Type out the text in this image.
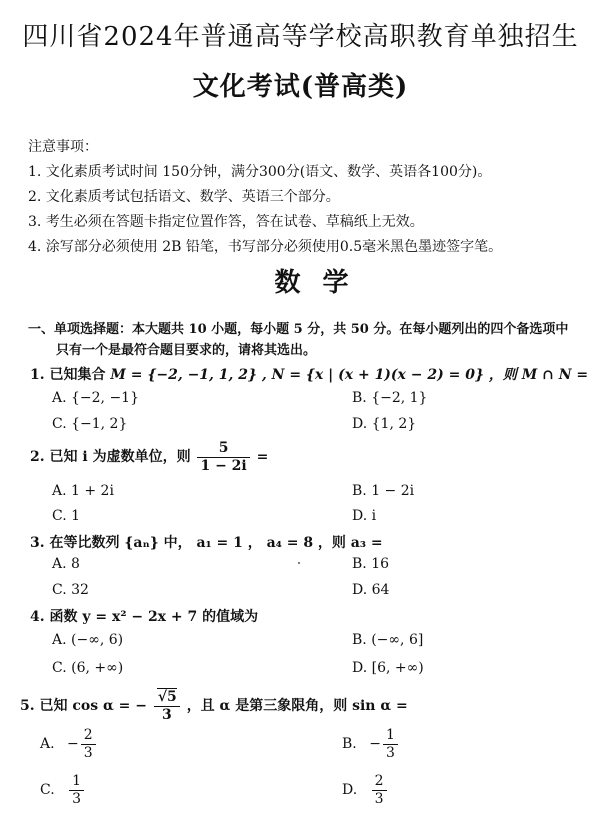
四川省2024年普通高等学校高职教育单独招生
文化考试(普高类)
注意事项：
1. 文化素质考试时间 150分钟，满分300分(语文、数学、英语各100分)。
2. 文化素质考试包括语文、数学、英语三个部分。
3. 考生必须在答题卡指定位置作答，答在试卷、草稿纸上无效。
4. 涂写部分必须使用 2B 铅笔，书写部分必须使用0.5毫米黑色墨迹签字笔。
数学
一、单项选择题：本大题共 10 小题，每小题 5 分，共 50 分。在每小题列出的四个备选项中
只有一个是最符合题目要求的，请将其选出。
1. 已知集合 M = {−2, −1, 1, 2} , N = {x | (x + 1)(x − 2) = 0} ，则 M ∩ N =
A. {−2, −1}	B. {−2, 1}
C. {−1, 2}	D. {1, 2}
2. 已知 i 为虚数单位，则 $\frac{5}{1 - 2i}$ =
A. 1 + 2i	B. 1 − 2i
C. 1	D. i
3. 在等比数列 {aₙ} 中， a₁ = 1 ， a₄ = 8 ，则 a₃ =
A. 8	B. 16
C. 32	D. 64
4. 函数 y = x² − 2x + 7 的值域为
A. (−∞, 6)	B. (−∞, 6]
C. (6, +∞)	D. [6, +∞)
5. 已知 cos α = − $\frac{√5}{3}$ ，且 α 是第三象限角，则 sin α =
A. − $\frac{2}{3}$	B. − $\frac{1}{3}$
C. $\frac{1}{3}$	D. $\frac{2}{3}$
